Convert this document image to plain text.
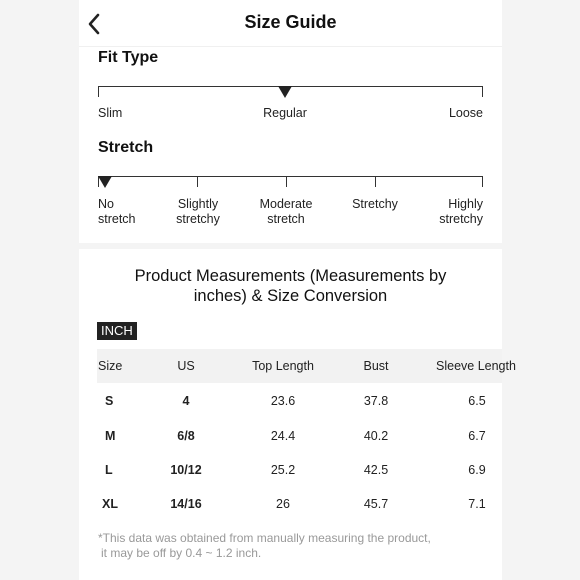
Size Guide
Fit Type
Slim	Regular	Loose
Stretch
No
stretch
Slightly
stretchy
Moderate
stretch
Stretchy	Highly
stretchy
Product Measurements (Measurements by
inches) & Size Conversion
INCH
Size	US	Top Length	Bust	Sleeve Length
S	4	23.6	37.8	6.5
M	6/8	24.4	40.2	6.7
L	10/12	25.2	42.5	6.9
XL	14/16	26	45.7	7.1
*This data was obtained from manually measuring the product,
it may be off by 0.4 ~ 1.2 inch.
